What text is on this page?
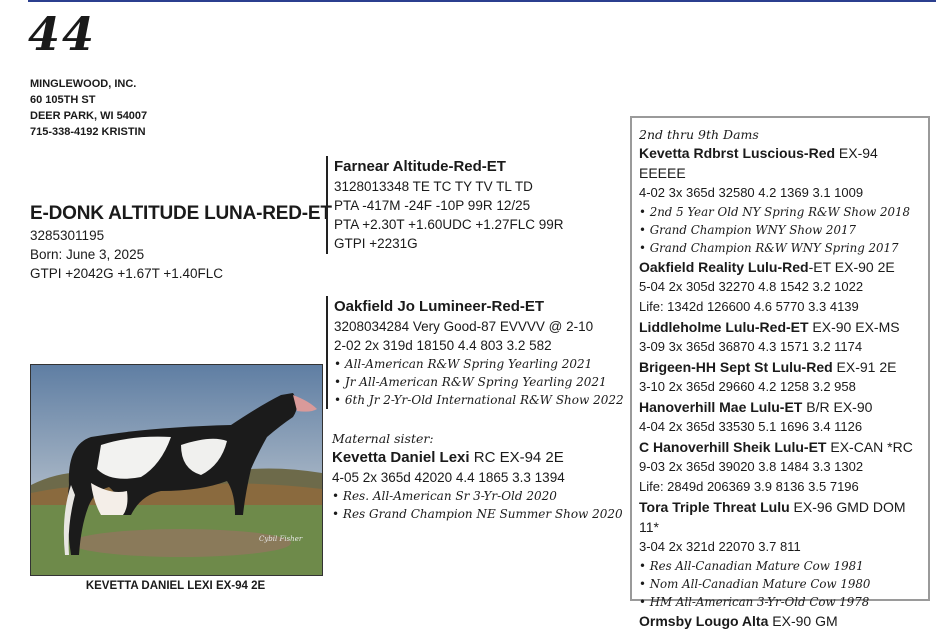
44
MINGLEWOOD, INC.
60 105TH ST
DEER PARK, WI 54007
715-338-4192 KRISTIN
E-DONK ALTITUDE LUNA-RED-ET
3285301195
Born: June 3, 2025
GTPI +2042G +1.67T +1.40FLC
Farnear Altitude-Red-ET
3128013348 TE TC TY TV TL TD
PTA -417M -24F -10P 99R 12/25
PTA +2.30T +1.60UDC +1.27FLC 99R
GTPI +2231G
Oakfield Jo Lumineer-Red-ET
3208034284 Very Good-87 EVVVV @ 2-10
2-02 2x 319d 18150 4.4 803 3.2 582
• All-American R&W Spring Yearling 2021
• Jr All-American R&W Spring Yearling 2021
• 6th Jr 2-Yr-Old International R&W Show 2022
Maternal sister:
Kevetta Daniel Lexi RC EX-94 2E
4-05 2x 365d 42020 4.4 1865 3.3 1394
• Res. All-American Sr 3-Yr-Old 2020
• Res Grand Champion NE Summer Show 2020
Cybil Fisher
KEVETTA DANIEL LEXI EX-94 2E
2nd thru 9th Dams
Kevetta Rdbrst Luscious-Red EX-94 EEEEE
4-02 3x 365d 32580 4.2 1369 3.1 1009
• 2nd 5 Year Old NY Spring R&W Show 2018
• Grand Champion WNY Show 2017
• Grand Champion R&W WNY Spring 2017
Oakfield Reality Lulu-Red-ET EX-90 2E
5-04 2x 305d 32270 4.8 1542 3.2 1022
Life: 1342d 126600 4.6 5770 3.3 4139
Liddleholme Lulu-Red-ET EX-90 EX-MS
3-09 3x 365d 36870 4.3 1571 3.2 1174
Brigeen-HH Sept St Lulu-Red EX-91 2E
3-10 2x 365d 29660 4.2 1258 3.2 958
Hanoverhill Mae Lulu-ET B/R EX-90
4-04 2x 365d 33530 5.1 1696 3.4 1126
C Hanoverhill Sheik Lulu-ET EX-CAN *RC
9-03 2x 365d 39020 3.8 1484 3.3 1302
Life: 2849d 206369 3.9 8136 3.5 7196
Tora Triple Threat Lulu EX-96 GMD DOM 11*
3-04 2x 321d 22070 3.7 811
• Res All-Canadian Mature Cow 1981
• Nom All-Canadian Mature Cow 1980
• HM All-American 3-Yr-Old Cow 1978
Ormsby Lougo Alta EX-90 GM
